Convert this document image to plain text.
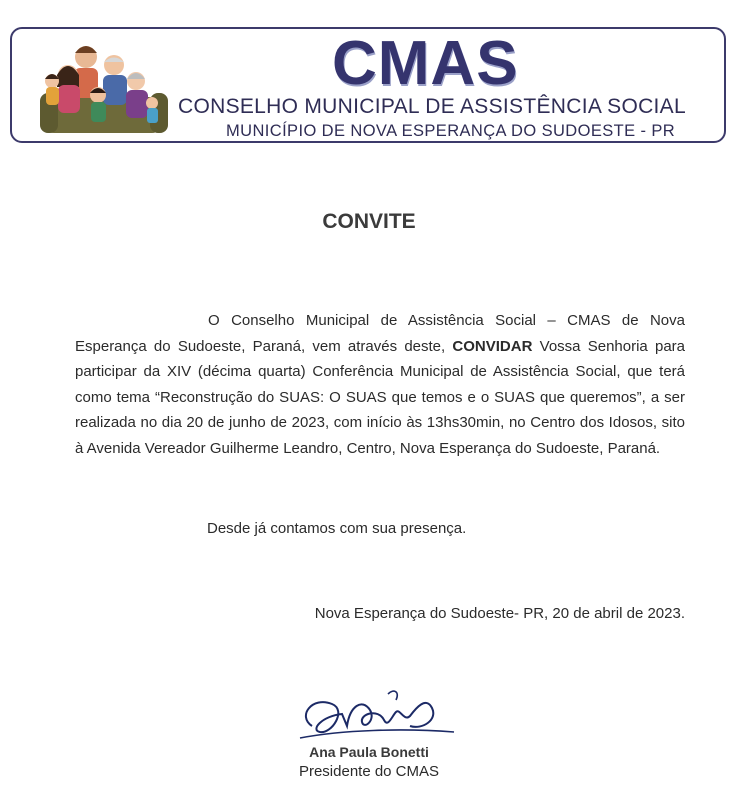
CMAS
CONSELHO MUNICIPAL DE ASSISTÊNCIA SOCIAL
MUNICÍPIO DE NOVA ESPERANÇA DO SUDOESTE - PR
CONVITE
O Conselho Municipal de Assistência Social – CMAS de Nova Esperança do Sudoeste, Paraná, vem através deste, CONVIDAR Vossa Senhoria para participar da XIV (décima quarta) Conferência Municipal de Assistência Social, que terá como tema “Reconstrução do SUAS: O SUAS que temos e o SUAS que queremos”, a ser realizada no dia 20 de junho de 2023, com início às 13hs30min, no Centro dos Idosos, sito à Avenida Vereador Guilherme Leandro, Centro, Nova Esperança do Sudoeste, Paraná.
Desde já contamos com sua presença.
Nova Esperança do Sudoeste- PR, 20 de abril de 2023.
Ana Paula Bonetti
Presidente do CMAS
